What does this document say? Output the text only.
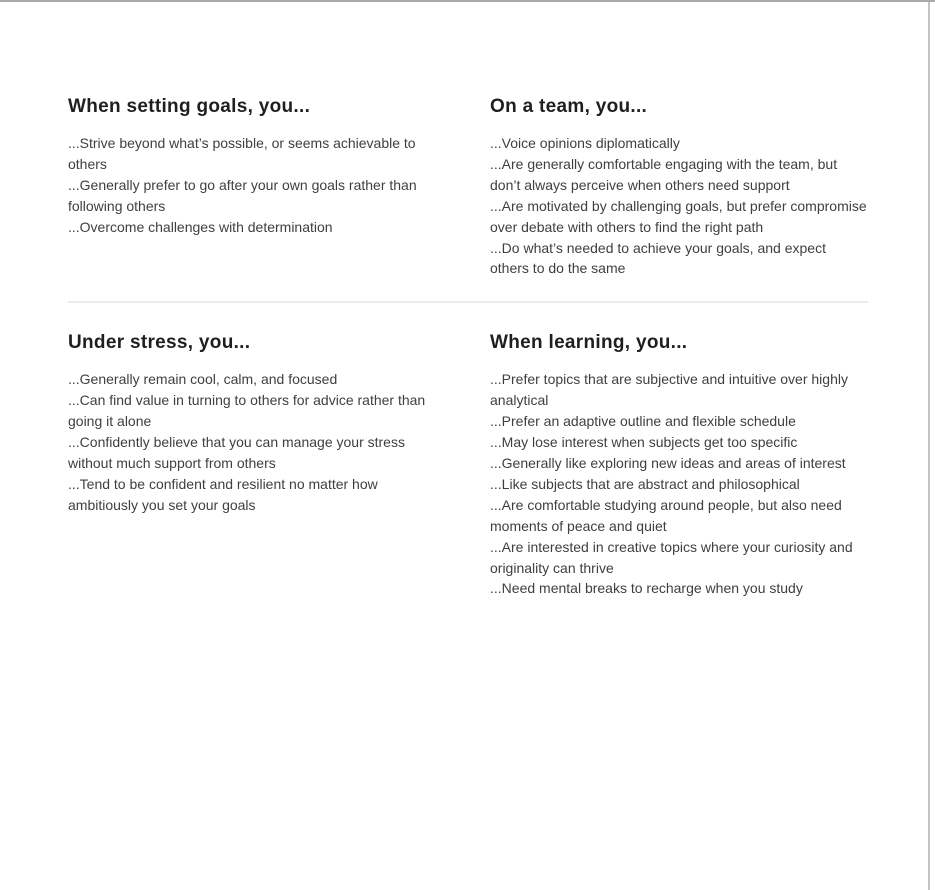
When setting goals, you...
...Strive beyond what’s possible, or seems achievable to others
...Generally prefer to go after your own goals rather than following others
...Overcome challenges with determination
On a team, you...
...Voice opinions diplomatically
...Are generally comfortable engaging with the team, but don’t always perceive when others need support
...Are motivated by challenging goals, but prefer compromise over debate with others to find the right path
...Do what’s needed to achieve your goals, and expect others to do the same
Under stress, you...
...Generally remain cool, calm, and focused
...Can find value in turning to others for advice rather than going it alone
...Confidently believe that you can manage your stress without much support from others
...Tend to be confident and resilient no matter how ambitiously you set your goals
When learning, you...
...Prefer topics that are subjective and intuitive over highly analytical
...Prefer an adaptive outline and flexible schedule
...May lose interest when subjects get too specific
...Generally like exploring new ideas and areas of interest
...Like subjects that are abstract and philosophical
...Are comfortable studying around people, but also need moments of peace and quiet
...Are interested in creative topics where your curiosity and originality can thrive
...Need mental breaks to recharge when you study
